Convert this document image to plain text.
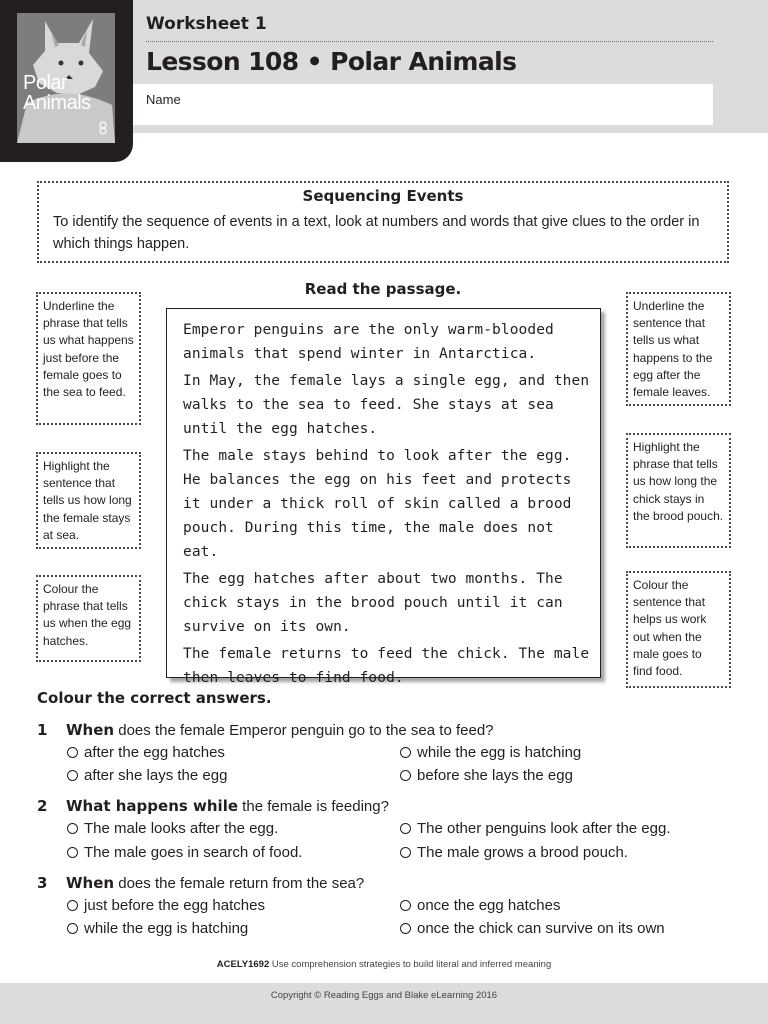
Polar
Animals
Worksheet 1
Lesson 108 • Polar Animals
Name
Sequencing Events
To identify the sequence of events in a text, look at numbers and words that give clues to the order in which things happen.
Read the passage.

Emperor penguins are the only warm-blooded animals that spend winter in Antarctica.

In May, the female lays a single egg, and then walks to the sea to feed. She stays at sea until the egg hatches.

The male stays behind to look after the egg. He balances the egg on his feet and protects it under a thick roll of skin called a brood pouch. During this time, the male does not eat.

The egg hatches after about two months. The chick stays in the brood pouch until it can survive on its own.

The female returns to feed the chick. The male then leaves to find food.

Underline the phrase that tells us what happens just before the female goes to the sea to feed.
Highlight the sentence that tells us how long the female stays at sea.
Colour the phrase that tells us when the egg hatches.
Underline the sentence that tells us what happens to the egg after the female leaves.
Highlight the phrase that tells us how long the chick stays in the brood pouch.
Colour the sentence that helps us work out when the male goes to find food.
Colour the correct answers.
1 When does the female Emperor penguin go to the sea to feed?
after the egg hatches	while the egg is hatching
after she lays the egg	before she lays the egg
2 What happens while the female is feeding?
The male looks after the egg.	The other penguins look after the egg.
The male goes in search of food.	The male grows a brood pouch.
3 When does the female return from the sea?
just before the egg hatches	once the egg hatches
while the egg is hatching	once the chick can survive on its own
ACELY1692 Use comprehension strategies to build literal and inferred meaning
Copyright © Reading Eggs and Blake eLearning 2016
